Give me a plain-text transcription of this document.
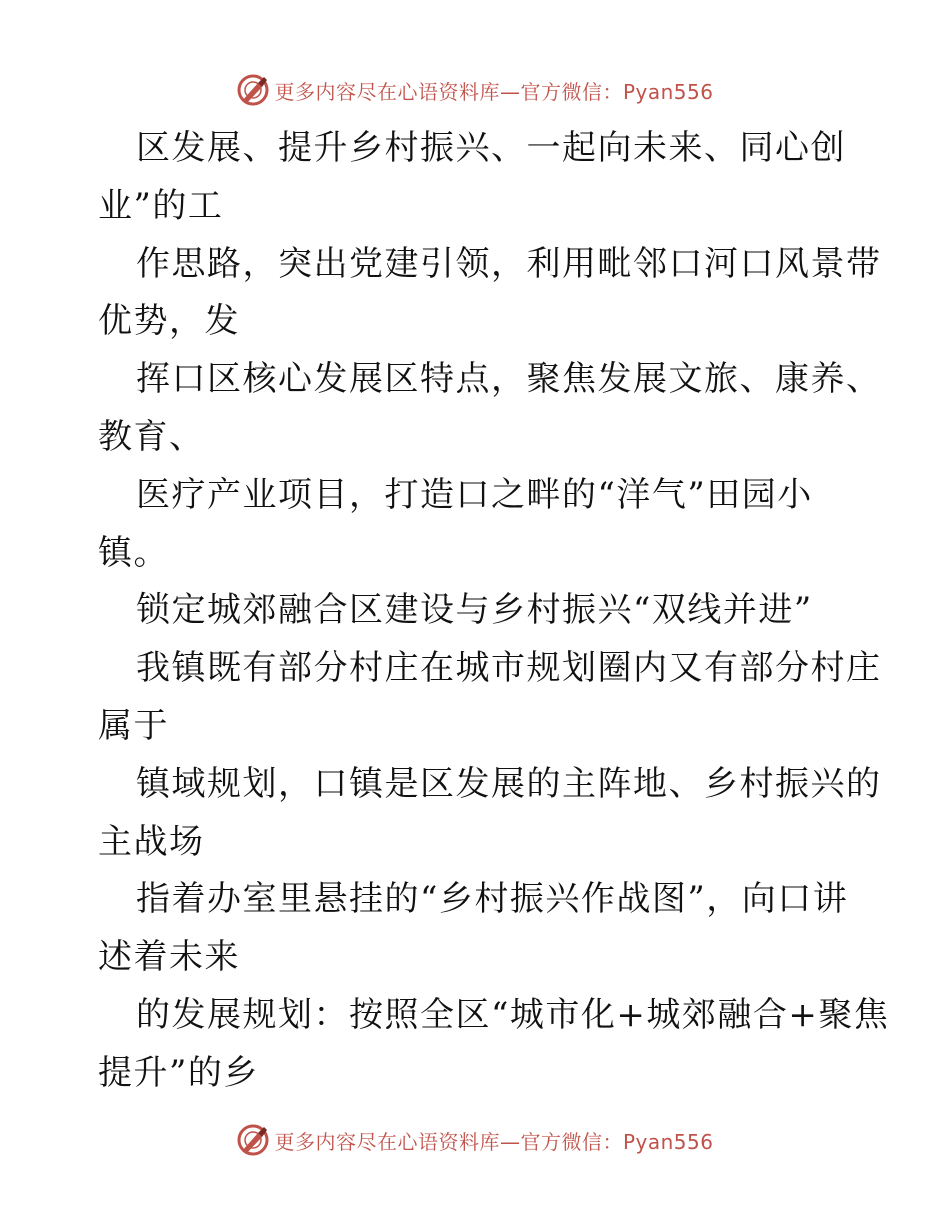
更多内容尽在心语资料库—官方微信：Pyan556
区发展、提升乡村振兴、一起向未来、同心创
业”的工
作思路，突出党建引领，利用毗邻口河口风景带
优势，发
挥口区核心发展区特点，聚焦发展文旅、康养、
教育、
医疗产业项目，打造口之畔的“洋气”田园小
镇。
锁定城郊融合区建设与乡村振兴“双线并进”
我镇既有部分村庄在城市规划圈内又有部分村庄
属于
镇域规划，口镇是区发展的主阵地、乡村振兴的
主战场
指着办室里悬挂的“乡村振兴作战图”，向口讲
述着未来
的发展规划：按照全区“城市化+城郊融合+聚焦
提升”的乡
更多内容尽在心语资料库—官方微信：Pyan556
